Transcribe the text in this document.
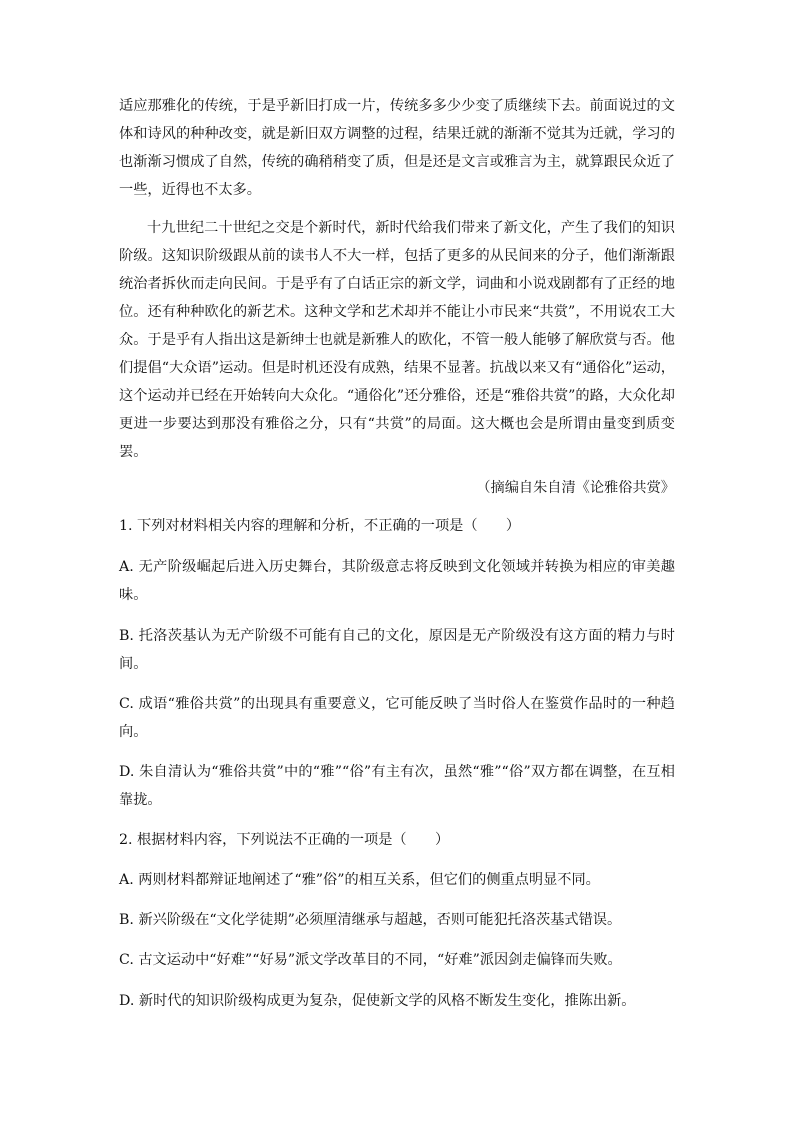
适应那雅化的传统，于是乎新旧打成一片，传统多多少少变了质继续下去。前面说过的文体和诗风的种种改变，就是新旧双方调整的过程，结果迁就的渐渐不觉其为迁就，学习的也渐渐习惯成了自然，传统的确稍稍变了质，但是还是文言或雅言为主，就算跟民众近了一些，近得也不太多。

十九世纪二十世纪之交是个新时代，新时代给我们带来了新文化，产生了我们的知识阶级。这知识阶级跟从前的读书人不大一样，包括了更多的从民间来的分子，他们渐渐跟统治者拆伙而走向民间。于是乎有了白话正宗的新文学，词曲和小说戏剧都有了正经的地位。还有种种欧化的新艺术。这种文学和艺术却并不能让小市民来“共赏”，不用说农工大众。于是乎有人指出这是新绅士也就是新雅人的欧化，不管一般人能够了解欣赏与否。他们提倡“大众语”运动。但是时机还没有成熟，结果不显著。抗战以来又有“通俗化”运动，这个运动并已经在开始转向大众化。“通俗化”还分雅俗，还是“雅俗共赏”的路，大众化却更进一步要达到那没有雅俗之分，只有“共赏”的局面。这大概也会是所谓由量变到质变罢。

（摘编自朱自清《论雅俗共赏》

1. 下列对材料相关内容的理解和分析，不正确的一项是（　　）

A. 无产阶级崛起后进入历史舞台，其阶级意志将反映到文化领域并转换为相应的审美趣味。

B. 托洛茨基认为无产阶级不可能有自己的文化，原因是无产阶级没有这方面的精力与时间。

C. 成语“雅俗共赏”的出现具有重要意义，它可能反映了当时俗人在鉴赏作品时的一种趋向。

D. 朱自清认为“雅俗共赏”中的“雅”“俗”有主有次，虽然“雅”“俗”双方都在调整，在互相靠拢。

2. 根据材料内容，下列说法不正确的一项是（　　）

A. 两则材料都辩证地阐述了“雅”俗”的相互关系，但它们的侧重点明显不同。

B. 新兴阶级在“文化学徒期”必须厘清继承与超越，否则可能犯托洛茨基式错误。

C. 古文运动中“好难”“好易”派文学改革目的不同，“好难”派因剑走偏锋而失败。

D. 新时代的知识阶级构成更为复杂，促使新文学的风格不断发生变化，推陈出新。
